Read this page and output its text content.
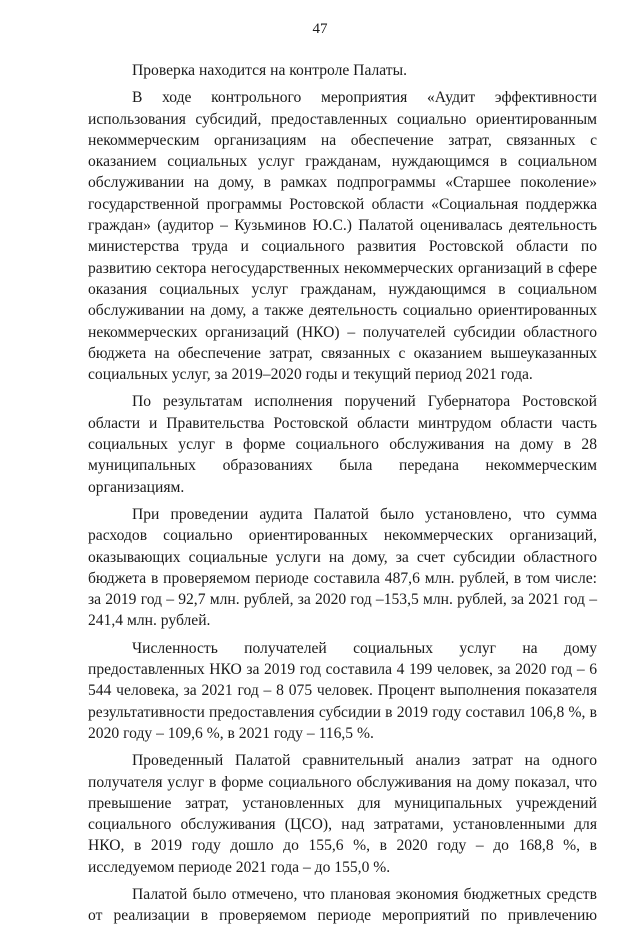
47

Проверка находится на контроле Палаты.

В ходе контрольного мероприятия «Аудит эффективности использования субсидий, предоставленных социально ориентированным некоммерческим организациям на обеспечение затрат, связанных с оказанием социальных услуг гражданам, нуждающимся в социальном обслуживании на дому, в рамках подпрограммы «Старшее поколение» государственной программы Ростовской области «Социальная поддержка граждан» (аудитор – Кузьминов Ю.С.) Палатой оценивалась деятельность министерства труда и социального развития Ростовской области по развитию сектора негосударственных некоммерческих организаций в сфере оказания социальных услуг гражданам, нуждающимся в социальном обслуживании на дому, а также деятельность социально ориентированных некоммерческих организаций (НКО) – получателей субсидии областного бюджета на обеспечение затрат, связанных с оказанием вышеуказанных социальных услуг, за 2019–2020 годы и текущий период 2021 года.

По результатам исполнения поручений Губернатора Ростовской области и Правительства Ростовской области минтрудом области часть социальных услуг в форме социального обслуживания на дому в 28 муниципальных образованиях была передана некоммерческим организациям.

При проведении аудита Палатой было установлено, что сумма расходов социально ориентированных некоммерческих организаций, оказывающих социальные услуги на дому, за счет субсидии областного бюджета в проверяемом периоде составила 487,6 млн. рублей, в том числе: за 2019 год – 92,7 млн. рублей, за 2020 год –153,5 млн. рублей, за 2021 год – 241,4 млн. рублей.

Численность получателей социальных услуг на дому предоставленных НКО за 2019 год составила 4 199 человек, за 2020 год – 6 544 человека, за 2021 год – 8 075 человек. Процент выполнения показателя результативности предоставления субсидии в 2019 году составил 106,8 %, в 2020 году – 109,6 %, в 2021 году – 116,5 %.

Проведенный Палатой сравнительный анализ затрат на одного получателя услуг в форме социального обслуживания на дому показал, что превышение затрат, установленных для муниципальных учреждений социального обслуживания (ЦСО), над затратами, установленными для НКО, в 2019 году дошло до 155,6 %, в 2020 году – до 168,8 %, в исследуемом периоде 2021 года – до 155,0 %.

Палатой было отмечено, что плановая экономия бюджетных средств от реализации в проверяемом периоде мероприятий по привлечению
